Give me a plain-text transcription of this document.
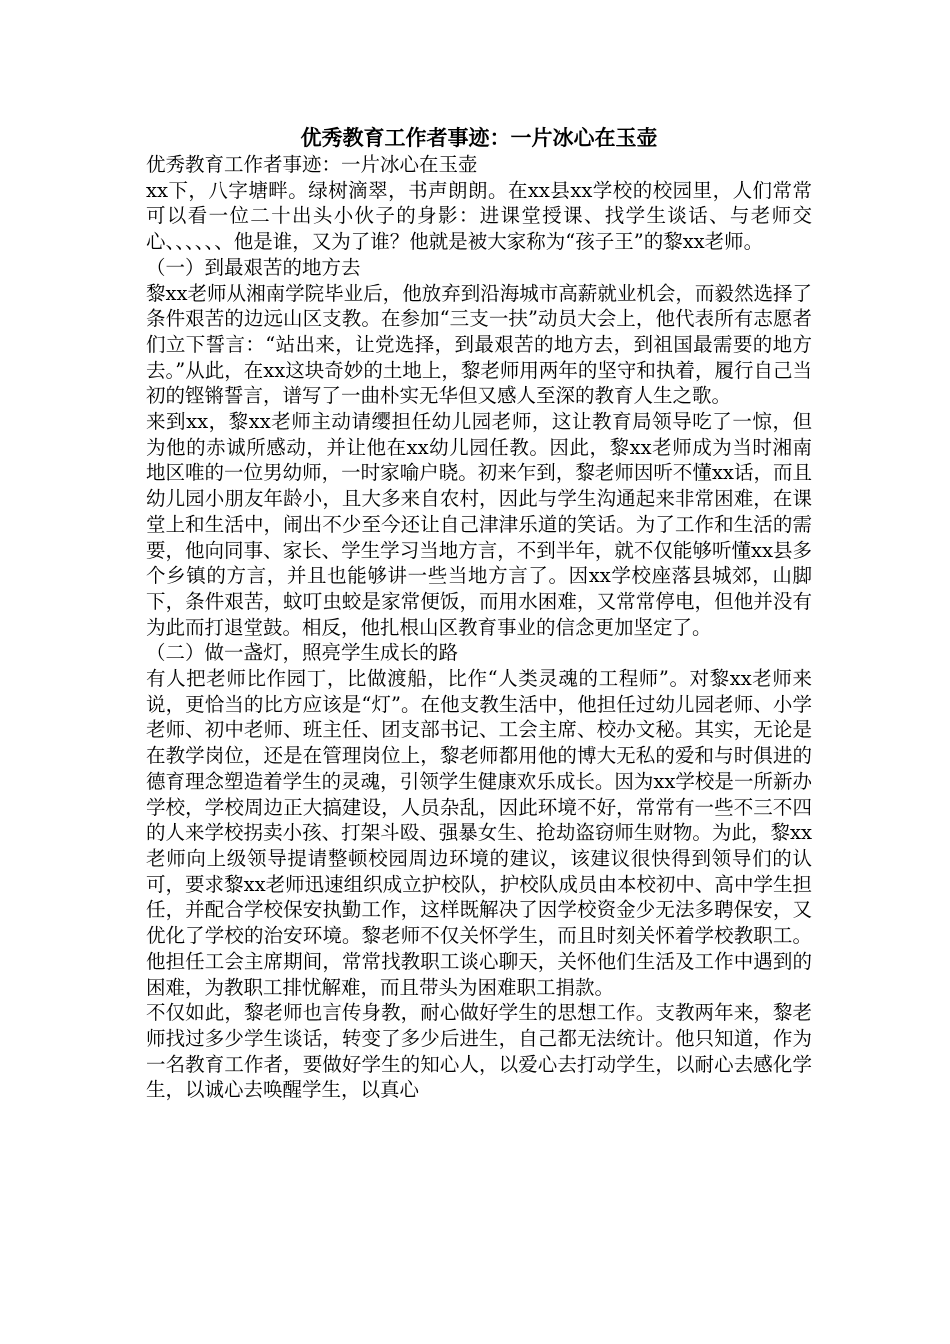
优秀教育工作者事迹：一片冰心在玉壶

优秀教育工作者事迹：一片冰心在玉壶

xx下，八字塘畔。绿树滴翠，书声朗朗。在xx县xx学校的校园里，人们常常可以看一位二十出头小伙子的身影：进课堂授课、找学生谈话、与老师交心、、、、、、他是谁，又为了谁？他就是被大家称为“孩子王”的黎xx老师。

（一）到最艰苦的地方去

黎xx老师从湘南学院毕业后，他放弃到沿海城市高薪就业机会，而毅然选择了条件艰苦的边远山区支教。在参加“三支一扶”动员大会上，他代表所有志愿者们立下誓言：“站出来，让党选择，到最艰苦的地方去，到祖国最需要的地方去。”从此，在xx这块奇妙的土地上，黎老师用两年的坚守和执着，履行自己当初的铿锵誓言，谱写了一曲朴实无华但又感人至深的教育人生之歌。

来到xx，黎xx老师主动请缨担任幼儿园老师，这让教育局领导吃了一惊，但为他的赤诚所感动，并让他在xx幼儿园任教。因此，黎xx老师成为当时湘南地区唯的一位男幼师，一时家喻户晓。初来乍到，黎老师因听不懂xx话，而且幼儿园小朋友年龄小，且大多来自农村，因此与学生沟通起来非常困难，在课堂上和生活中，闹出不少至今还让自己津津乐道的笑话。为了工作和生活的需要，他向同事、家长、学生学习当地方言，不到半年，就不仅能够听懂xx县多个乡镇的方言，并且也能够讲一些当地方言了。因xx学校座落县城郊，山脚下，条件艰苦，蚊叮虫蛟是家常便饭，而用水困难，又常常停电，但他并没有为此而打退堂鼓。相反，他扎根山区教育事业的信念更加坚定了。

（二）做一盏灯，照亮学生成长的路

有人把老师比作园丁，比做渡船，比作“人类灵魂的工程师”。对黎xx老师来说，更恰当的比方应该是“灯”。在他支教生活中，他担任过幼儿园老师、小学老师、初中老师、班主任、团支部书记、工会主席、校办文秘。其实，无论是在教学岗位，还是在管理岗位上，黎老师都用他的博大无私的爱和与时俱进的德育理念塑造着学生的灵魂，引领学生健康欢乐成长。因为xx学校是一所新办学校，学校周边正大搞建设，人员杂乱，因此环境不好，常常有一些不三不四的人来学校拐卖小孩、打架斗殴、强暴女生、抢劫盗窃师生财物。为此，黎xx老师向上级领导提请整顿校园周边环境的建议，该建议很快得到领导们的认可，要求黎xx老师迅速组织成立护校队，护校队成员由本校初中、高中学生担任，并配合学校保安执勤工作，这样既解决了因学校资金少无法多聘保安，又优化了学校的治安环境。黎老师不仅关怀学生，而且时刻关怀着学校教职工。他担任工会主席期间，常常找教职工谈心聊天，关怀他们生活及工作中遇到的困难，为教职工排忧解难，而且带头为困难职工捐款。

不仅如此，黎老师也言传身教，耐心做好学生的思想工作。支教两年来，黎老师找过多少学生谈话，转变了多少后进生，自己都无法统计。他只知道，作为一名教育工作者，要做好学生的知心人，以爱心去打动学生，以耐心去感化学生，以诚心去唤醒学生，以真心
